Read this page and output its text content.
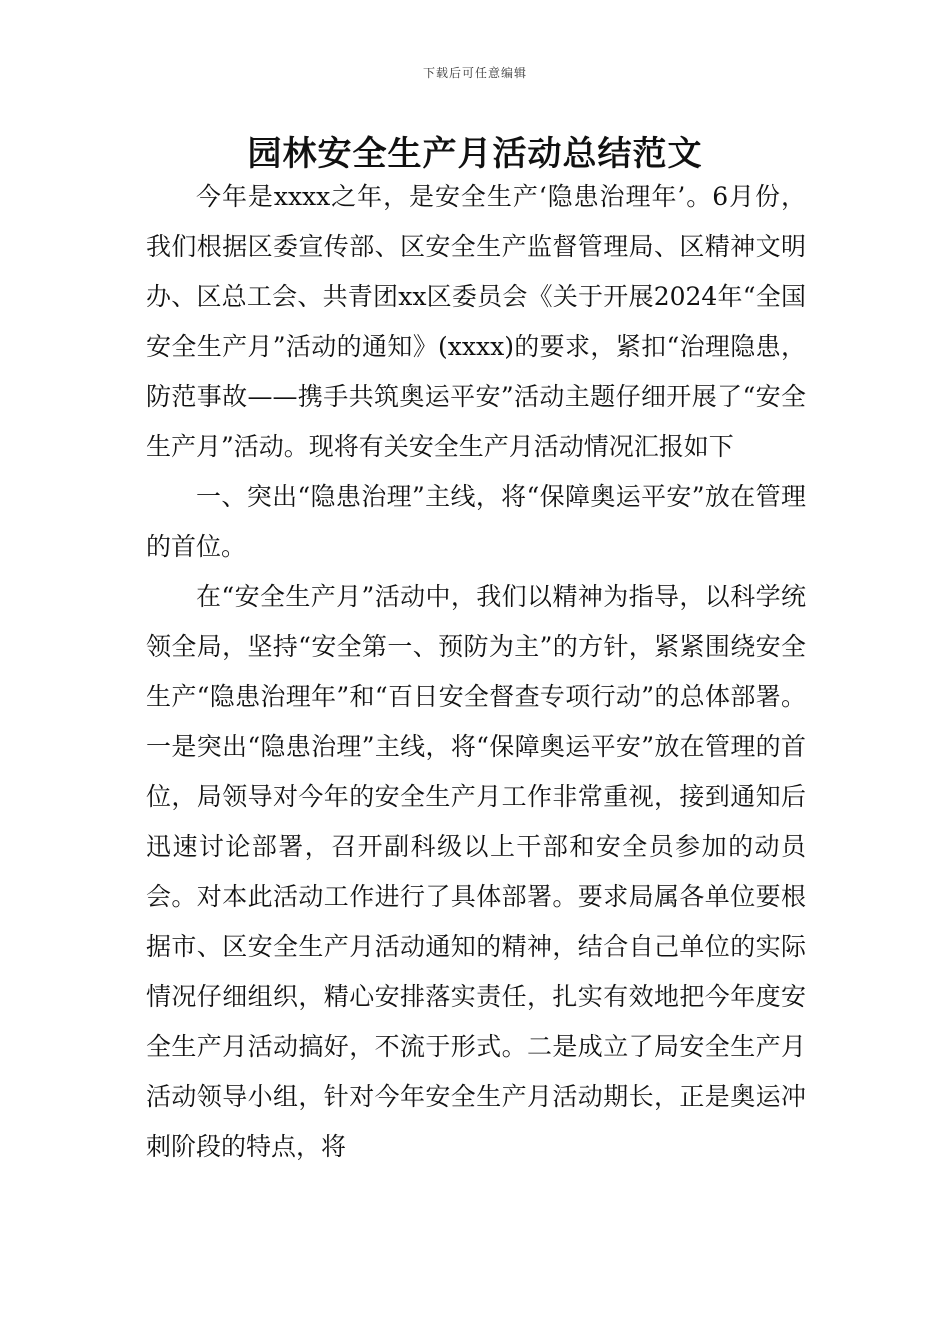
下载后可任意编辑
园林安全生产月活动总结范文

今年是xxxx之年，是安全生产‘隐患治理年’。6月份，我们根据区委宣传部、区安全生产监督管理局、区精神文明办、区总工会、共青团xx区委员会《关于开展2024年“全国安全生产月”活动的通知》(xxxx)的要求，紧扣“治理隐患，防范事故——携手共筑奥运平安”活动主题仔细开展了“安全生产月”活动。现将有关安全生产月活动情况汇报如下

一、突出“隐患治理”主线，将“保障奥运平安”放在管理的首位。

在“安全生产月”活动中，我们以精神为指导，以科学统领全局，坚持“安全第一、预防为主”的方针，紧紧围绕安全生产“隐患治理年”和“百日安全督查专项行动”的总体部署。一是突出“隐患治理”主线，将“保障奥运平安”放在管理的首位，局领导对今年的安全生产月工作非常重视，接到通知后迅速讨论部署，召开副科级以上干部和安全员参加的动员会。对本此活动工作进行了具体部署。要求局属各单位要根据市、区安全生产月活动通知的精神，结合自己单位的实际情况仔细组织，精心安排落实责任，扎实有效地把今年度安全生产月活动搞好，不流于形式。二是成立了局安全生产月活动领导小组，针对今年安全生产月活动期长，正是奥运冲刺阶段的特点，将
